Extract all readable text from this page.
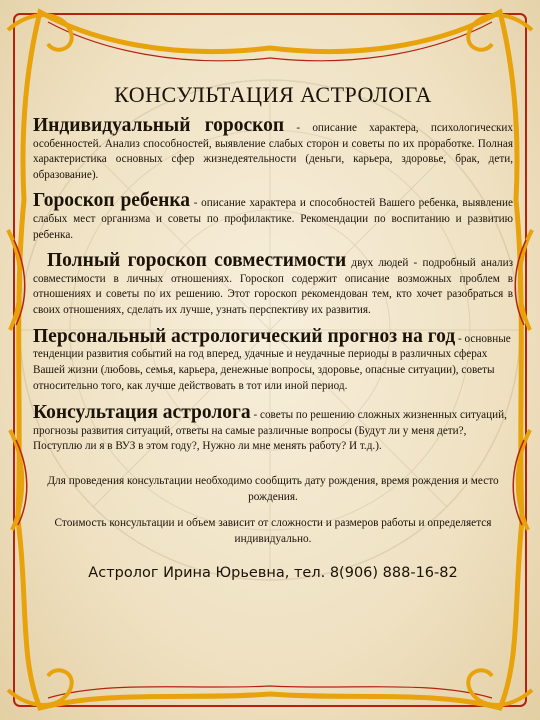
КОНСУЛЬТАЦИЯ АСТРОЛОГА
Индивидуальный гороскоп - описание характера, психологических особенностей. Анализ способностей, выявление слабых сторон и советы по их проработке. Полная характеристика основных сфер жизнедеятельности (деньги, карьера, здоровье, брак, дети, образование).
Гороскоп ребенка - описание характера и способностей Вашего ребенка, выявление слабых мест организма и советы по профилактике. Рекомендации по воспитанию и развитию ребенка.
Полный гороскоп совместимости двух людей - подробный анализ совместимости в личных отношениях. Гороскоп содержит описание возможных проблем в отношениях и советы по их решению. Этот гороскоп рекомендован тем, кто хочет разобраться в своих отношениях, сделать их лучше, узнать перспективу их развития.
Персональный астрологический прогноз на год - основные тенденции развития событий на год вперед, удачные и неудачные периоды в различных сферах Вашей жизни (любовь, семья, карьера, денежные вопросы, здоровье, опасные ситуации), советы относительно того, как лучше действовать в тот или иной период.
Консультация астролога - советы по решению сложных жизненных ситуаций, прогнозы развития ситуаций, ответы на самые различные вопросы (Будут ли у меня дети?, Поступлю ли я в ВУЗ в этом году?, Нужно ли мне менять работу? И т.д.).
Для проведения консультации необходимо сообщить дату рождения, время рождения и место рождения.
Стоимость консультации и объем зависит от сложности и размеров работы и определяется индивидуально.
Астролог Ирина Юрьевна, тел. 8(906) 888-16-82
